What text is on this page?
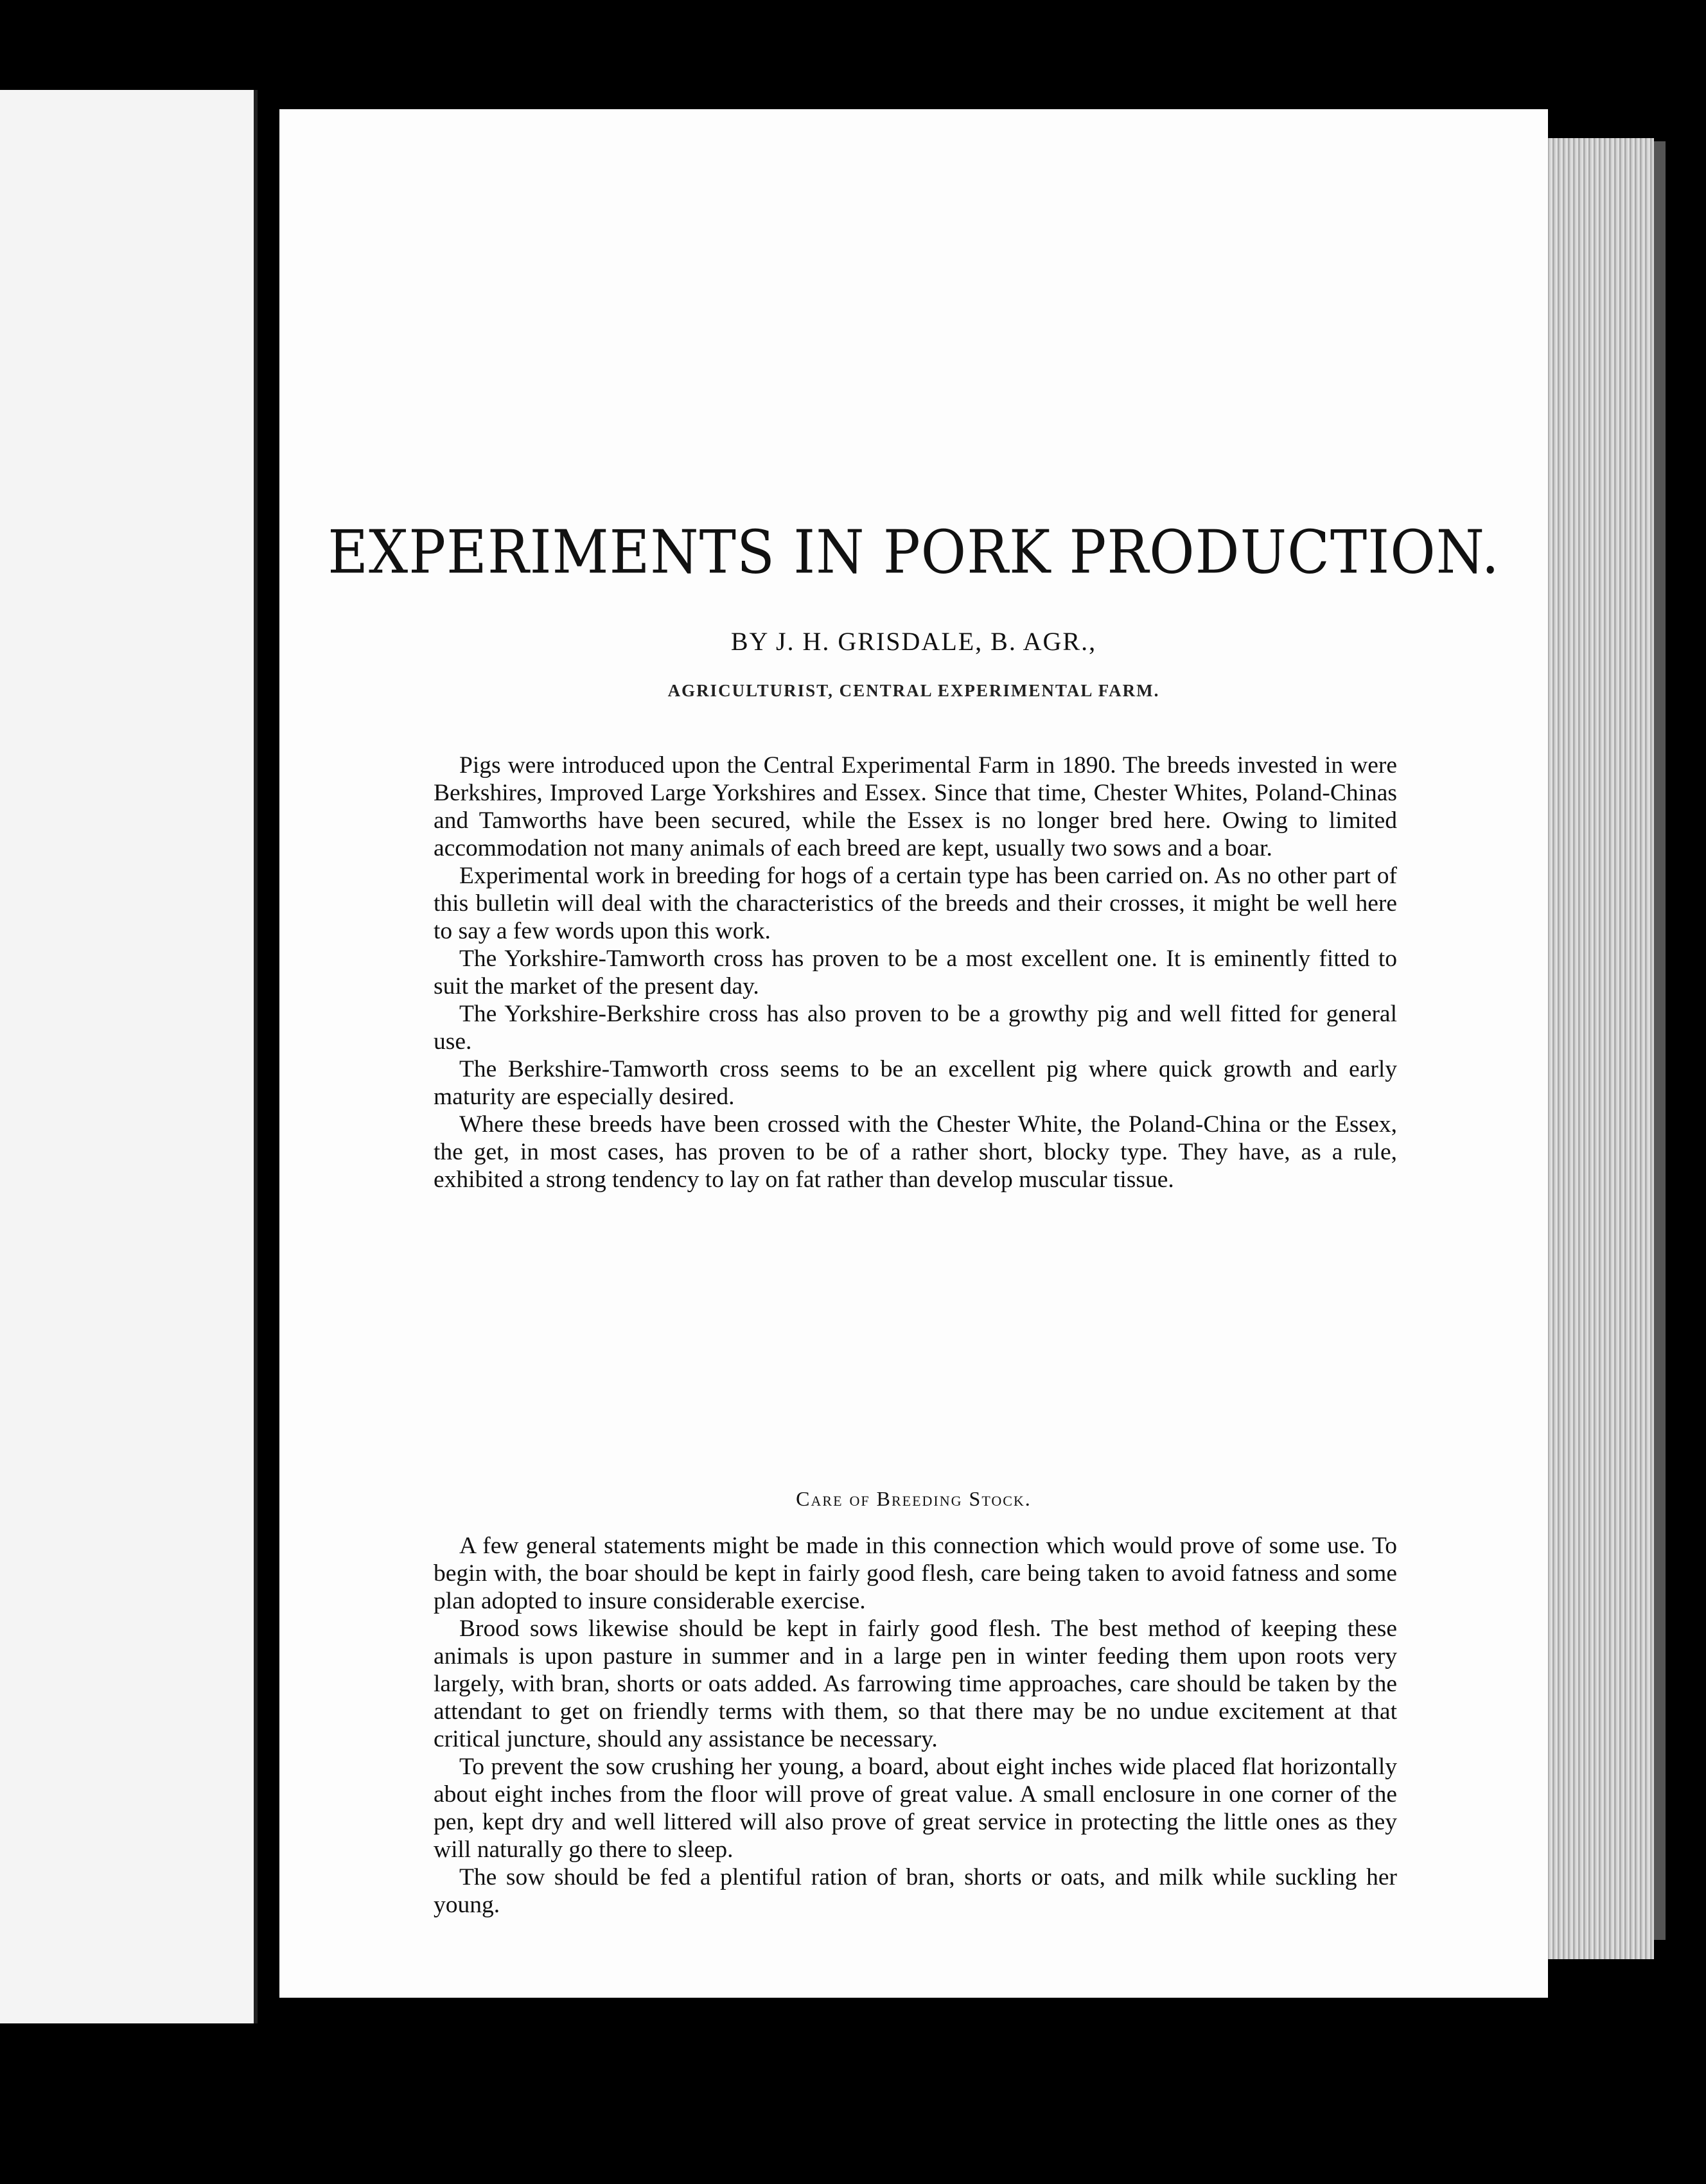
EXPERIMENTS IN PORK PRODUCTION.
BY J. H. GRISDALE, B. AGR.,
AGRICULTURIST, CENTRAL EXPERIMENTAL FARM.

Pigs were introduced upon the Central Experimental Farm in 1890. The breeds invested in were Berkshires, Improved Large Yorkshires and Essex. Since that time, Chester Whites, Poland-Chinas and Tamworths have been secured, while the Essex is no longer bred here. Owing to limited accommodation not many animals of each breed are kept, usually two sows and a boar.

Experimental work in breeding for hogs of a certain type has been carried on. As no other part of this bulletin will deal with the characteristics of the breeds and their crosses, it might be well here to say a few words upon this work.

The Yorkshire-Tamworth cross has proven to be a most excellent one. It is eminently fitted to suit the market of the present day.

The Yorkshire-Berkshire cross has also proven to be a growthy pig and well fitted for general use.

The Berkshire-Tamworth cross seems to be an excellent pig where quick growth and early maturity are especially desired.

Where these breeds have been crossed with the Chester White, the Poland-China or the Essex, the get, in most cases, has proven to be of a rather short, blocky type. They have, as a rule, exhibited a strong tendency to lay on fat rather than develop muscular tissue.

Care of Breeding Stock.

A few general statements might be made in this connection which would prove of some use. To begin with, the boar should be kept in fairly good flesh, care being taken to avoid fatness and some plan adopted to insure considerable exercise.

Brood sows likewise should be kept in fairly good flesh. The best method of keeping these animals is upon pasture in summer and in a large pen in winter feeding them upon roots very largely, with bran, shorts or oats added. As farrowing time approaches, care should be taken by the attendant to get on friendly terms with them, so that there may be no undue excitement at that critical juncture, should any assistance be necessary.

To prevent the sow crushing her young, a board, about eight inches wide placed flat horizontally about eight inches from the floor will prove of great value. A small enclosure in one corner of the pen, kept dry and well littered will also prove of great service in protecting the little ones as they will naturally go there to sleep.

The sow should be fed a plentiful ration of bran, shorts or oats, and milk while suckling her young.
